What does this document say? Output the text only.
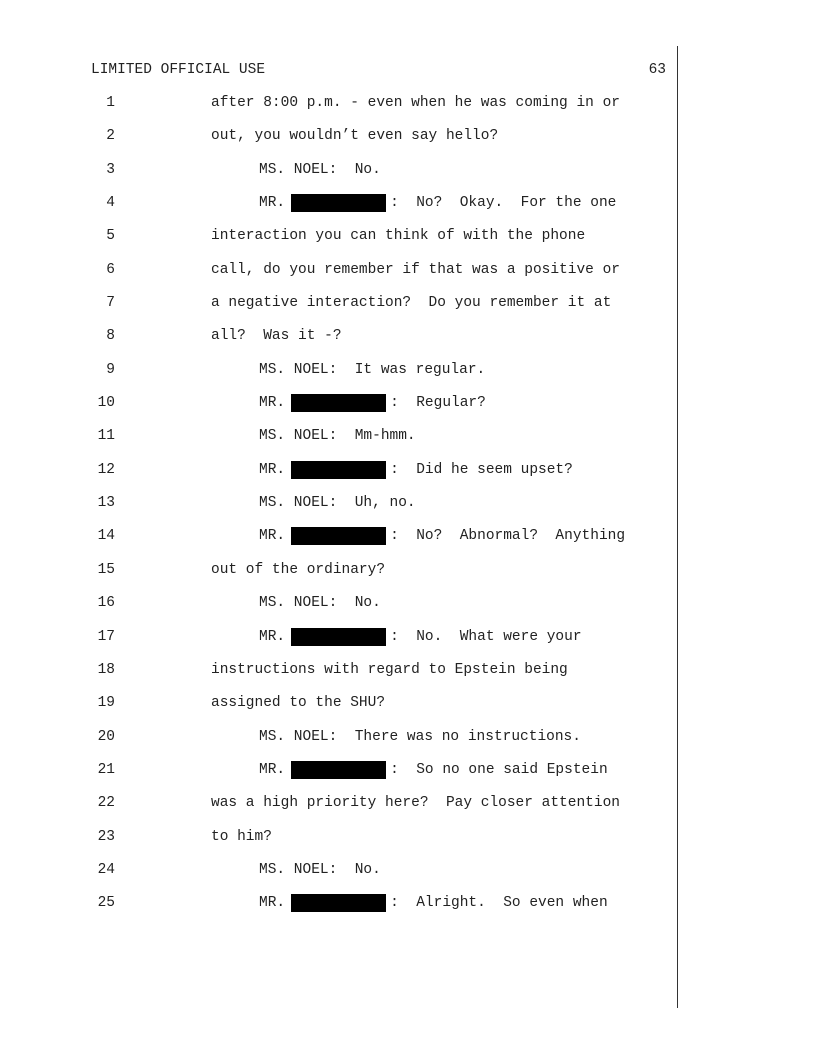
LIMITED OFFICIAL USE	63
1	after 8:00 p.m. - even when he was coming in or
2	out, you wouldn’t even say hello?
3	MS. NOEL:  No.
4	MR.	:  No?  Okay.  For the one
5	interaction you can think of with the phone
6	call, do you remember if that was a positive or
7	a negative interaction?  Do you remember it at
8	all?  Was it -?
9	MS. NOEL:  It was regular.
10	MR.	:  Regular?
11	MS. NOEL:  Mm-hmm.
12	MR.	:  Did he seem upset?
13	MS. NOEL:  Uh, no.
14	MR.	:  No?  Abnormal?  Anything
15	out of the ordinary?
16	MS. NOEL:  No.
17	MR.	:  No.  What were your
18	instructions with regard to Epstein being
19	assigned to the SHU?
20	MS. NOEL:  There was no instructions.
21	MR.	:  So no one said Epstein
22	was a high priority here?  Pay closer attention
23	to him?
24	MS. NOEL:  No.
25	MR.	:  Alright.  So even when
